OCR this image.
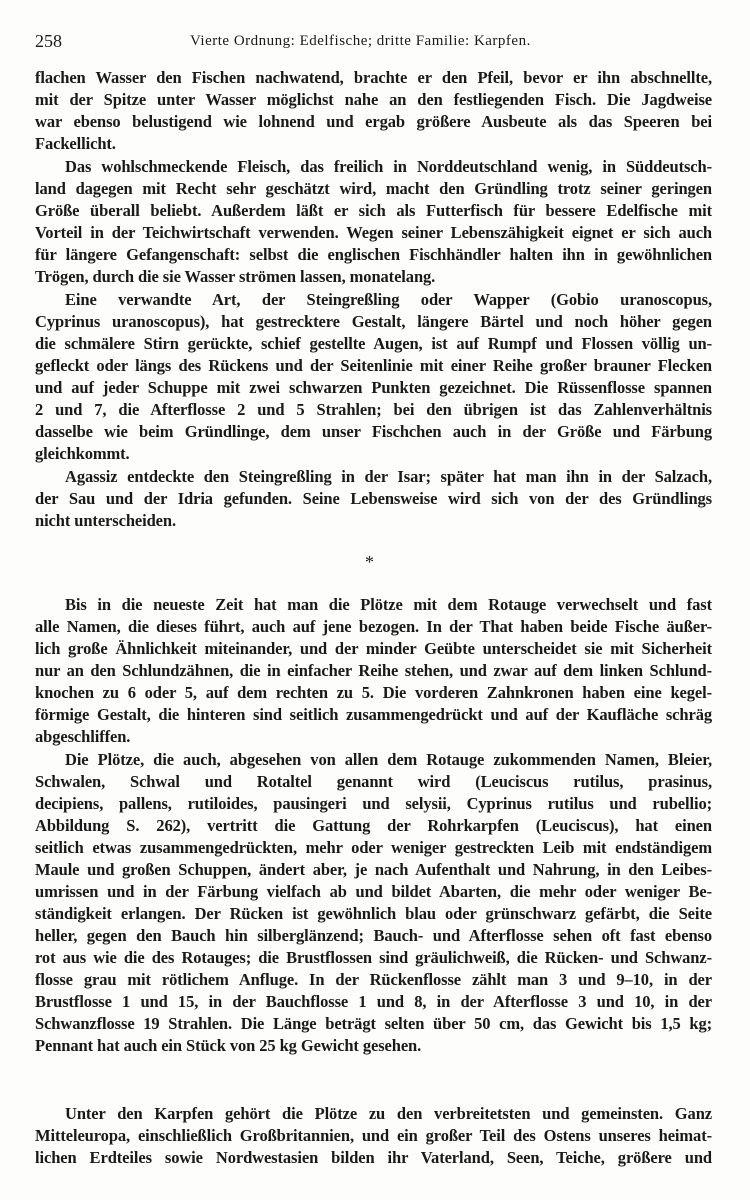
258	Vierte Ordnung: Edelfische; dritte Familie: Karpfen.
flachen Wasser den Fischen nachwatend, brachte er den Pfeil, bevor er ihn abschnellte,
mit der Spitze unter Wasser möglichst nahe an den festliegenden Fisch. Die Jagdweise
war ebenso belustigend wie lohnend und ergab größere Ausbeute als das Speeren bei
Fackellicht.
Das wohlschmeckende Fleisch, das freilich in Norddeutschland wenig, in Süddeutsch-
land dagegen mit Recht sehr geschätzt wird, macht den Gründling trotz seiner geringen
Größe überall beliebt. Außerdem läßt er sich als Futterfisch für bessere Edelfische mit
Vorteil in der Teichwirtschaft verwenden. Wegen seiner Lebenszähigkeit eignet er sich auch
für längere Gefangenschaft: selbst die englischen Fischhändler halten ihn in gewöhnlichen
Trögen, durch die sie Wasser strömen lassen, monatelang.
Eine verwandte Art, der Steingreßling oder Wapper (Gobio uranoscopus,
Cyprinus uranoscopus), hat gestrecktere Gestalt, längere Bärtel und noch höher gegen
die schmälere Stirn gerückte, schief gestellte Augen, ist auf Rumpf und Flossen völlig un-
gefleckt oder längs des Rückens und der Seitenlinie mit einer Reihe großer brauner Flecken
und auf jeder Schuppe mit zwei schwarzen Punkten gezeichnet. Die Rüssenflosse spannen
2 und 7, die Afterflosse 2 und 5 Strahlen; bei den übrigen ist das Zahlenverhältnis
dasselbe wie beim Gründlinge, dem unser Fischchen auch in der Größe und Färbung
gleichkommt.
Agassiz entdeckte den Steingreßling in der Isar; später hat man ihn in der Salzach,
der Sau und der Idria gefunden. Seine Lebensweise wird sich von der des Gründlings
nicht unterscheiden.
Bis in die neueste Zeit hat man die Plötze mit dem Rotauge verwechselt und fast
alle Namen, die dieses führt, auch auf jene bezogen. In der That haben beide Fische äußer-
lich große Ähnlichkeit miteinander, und der minder Geübte unterscheidet sie mit Sicherheit
nur an den Schlundzähnen, die in einfacher Reihe stehen, und zwar auf dem linken Schlund-
knochen zu 6 oder 5, auf dem rechten zu 5. Die vorderen Zahnkronen haben eine kegel-
förmige Gestalt, die hinteren sind seitlich zusammengedrückt und auf der Kaufläche schräg
abgeschliffen.
Die Plötze, die auch, abgesehen von allen dem Rotauge zukommenden Namen, Bleier,
Schwalen, Schwal und Rotaltel genannt wird (Leuciscus rutilus, prasinus,
decipiens, pallens, rutiloides, pausingeri und selysii, Cyprinus rutilus und rubellio;
Abbildung S. 262), vertritt die Gattung der Rohrkarpfen (Leuciscus), hat einen
seitlich etwas zusammengedrückten, mehr oder weniger gestreckten Leib mit endständigem
Maule und großen Schuppen, ändert aber, je nach Aufenthalt und Nahrung, in den Leibes-
umrissen und in der Färbung vielfach ab und bildet Abarten, die mehr oder weniger Be-
ständigkeit erlangen. Der Rücken ist gewöhnlich blau oder grünschwarz gefärbt, die Seite
heller, gegen den Bauch hin silberglänzend; Bauch- und Afterflosse sehen oft fast ebenso
rot aus wie die des Rotauges; die Brustflossen sind gräulichweiß, die Rücken- und Schwanz-
flosse grau mit rötlichem Anfluge. In der Rückenflosse zählt man 3 und 9–10, in der
Brustflosse 1 und 15, in der Bauchflosse 1 und 8, in der Afterflosse 3 und 10, in der
Schwanzflosse 19 Strahlen. Die Länge beträgt selten über 50 cm, das Gewicht bis 1,5 kg;
Pennant hat auch ein Stück von 25 kg Gewicht gesehen.
Unter den Karpfen gehört die Plötze zu den verbreitetsten und gemeinsten. Ganz
Mitteleuropa, einschließlich Großbritannien, und ein großer Teil des Ostens unseres heimat-
lichen Erdteiles sowie Nordwestasien bilden ihr Vaterland, Seen, Teiche, größere und
*
